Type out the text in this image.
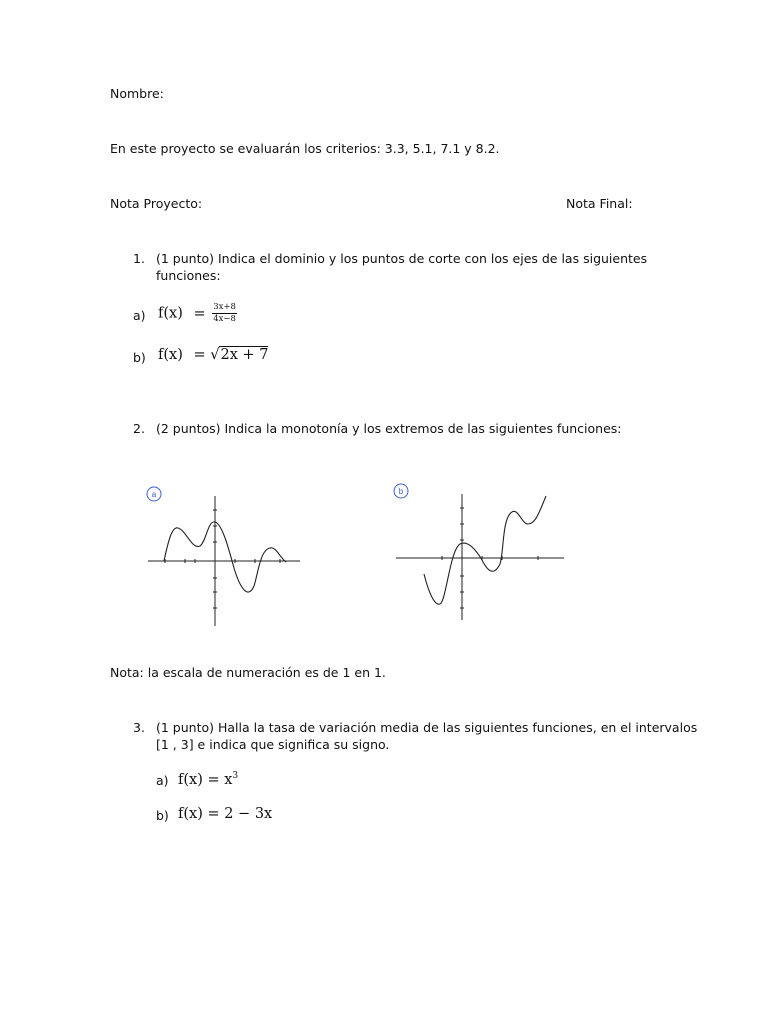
Nombre:
En este proyecto se evaluarán los criterios: 3.3, 5.1, 7.1 y 8.2.
Nota Proyecto:	Nota Final:
1. (1 punto) Indica el dominio y los puntos de corte con los ejes de las siguientes
funciones:
a) $f(x) = \frac{3x+8}{4x-8}$
b) f(x) = √2x + 7
2. (2 puntos) Indica la monotonía y los extremos de las siguientes funciones:
a	b
Nota: la escala de numeración es de 1 en 1.
3. (1 punto) Halla la tasa de variación media de las siguientes funciones, en el intervalos
[1 , 3] e indica que significa su signo.
a) $f(x) = x^3$
b) f(x) = 2 − 3x
